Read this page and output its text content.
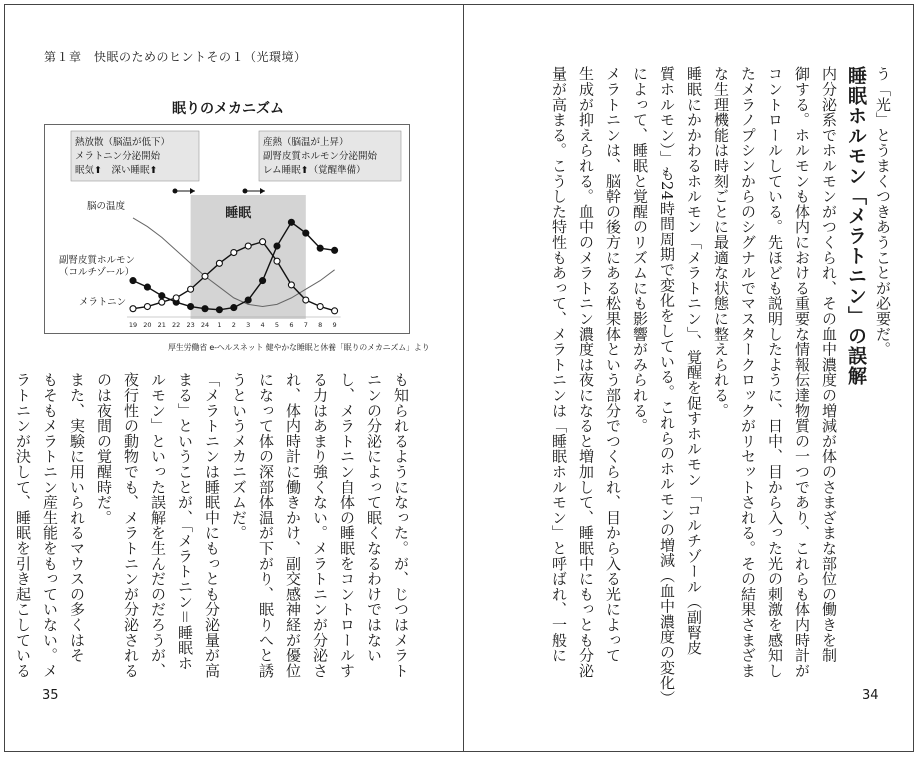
第１章　快眠のためのヒントその１（光環境）
眠りのメカニズム
睡眠
熱放散（脳温が低下）
メラトニン分泌開始
眠気⬆　深い睡眠⬆
産熱（脳温が上昇）
副腎皮質ホルモン分泌開始
レム睡眠⬆（覚醒準備）
脳の温度
副腎皮質ホルモン
（コルチゾール）
メラトニン
19 20 21 22 23 24 1 2 3 4 5 6 7 8 9
厚生労働省 e-ヘルスネット 健やかな睡眠と休養「眠りのメカニズム」より

も知られるようになった。が、じつはメラト

ニンの分泌によって眠くなるわけではない

し、メラトニン自体の睡眠をコントロールす

る力はあまり強くない。メラトニンが分泌さ

れ、体内時計に働きかけ、副交感神経が優位

になって体の深部体温が下がり、眠りへと誘

うというメカニズムだ。

「メラトニンは睡眠中にもっとも分泌量が高

まる」ということが、「メラトニン＝睡眠ホ

ルモン」といった誤解を生んだのだろうが、

夜行性の動物でも、メラトニンが分泌される

のは夜間の覚醒時だ。

また、実験に用いられるマウスの多くはそ

もそもメラトニン産生能をもっていない。メ

ラトニンが決して、睡眠を引き起こしている

う「光」とうまくつきあうことが必要だ。

睡眠ホルモン「メラトニン」の誤解

内分泌系でホルモンがつくられ、その血中濃度の増減が体のさまざまな部位の働きを制

御する。ホルモンも体内における重要な情報伝達物質の一つであり、これらも体内時計が

コントロールしている。先ほども説明したように、日中、目から入った光の刺激を感知し

たメラノプシンからのシグナルでマスタークロックがリセットされる。その結果さまざま

な生理機能は時刻ごとに最適な状態に整えられる。

睡眠にかかわるホルモン「メラトニン」、覚醒を促すホルモン「コルチゾール（副腎皮

質ホルモン）」も24時間周期で変化をしている。これらのホルモンの増減（血中濃度の変化）

によって、睡眠と覚醒のリズムにも影響がみられる。

メラトニンは、脳幹の後方にある松果体という部分でつくられ、目から入る光によって

生成が抑えられる。血中のメラトニン濃度は夜になると増加して、睡眠中にもっとも分泌

量が高まる。こうした特性もあって、メラトニンは「睡眠ホルモン」と呼ばれ、一般に

35	34
